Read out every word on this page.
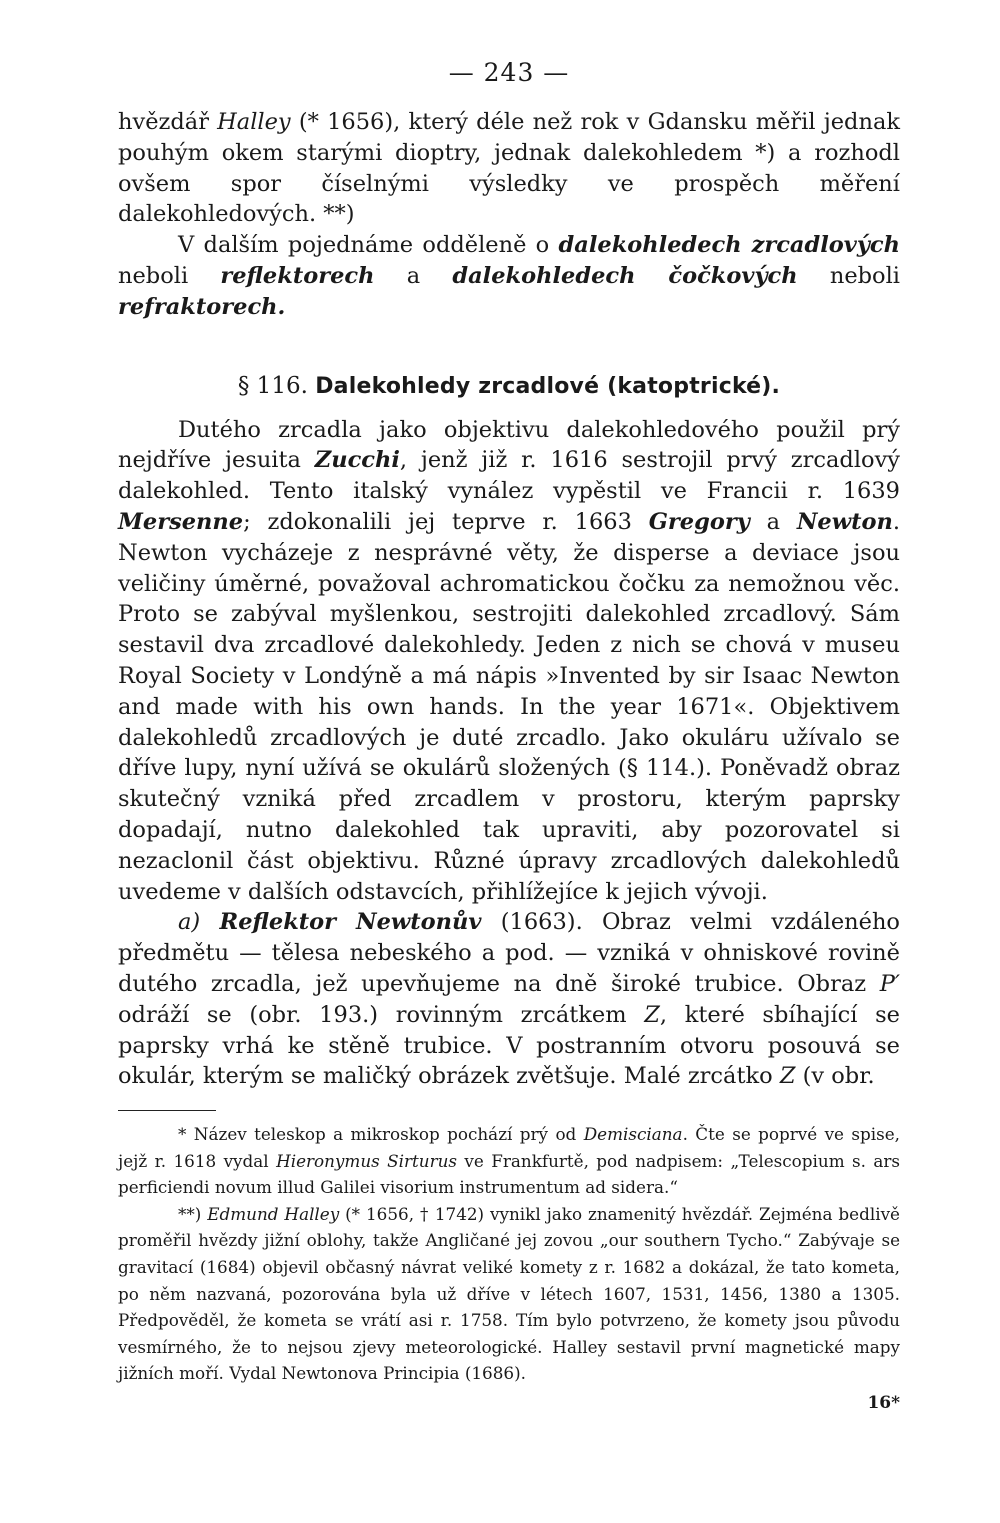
— 243 —

hvězdář Halley (* 1656), který déle než rok v Gdansku měřil jednak pouhým okem starými dioptry, jednak dalekohledem *) a rozhodl ovšem spor číselnými výsledky ve prospěch měření dalekohledových. **)

V dalším pojednáme odděleně o dalekohledech zrcadlových neboli reflektorech a dalekohledech čočkových neboli refraktorech.

§ 116. Dalekohledy zrcadlové (katoptrické).

Dutého zrcadla jako objektivu dalekohledového použil prý nejdříve jesuita Zucchi, jenž již r. 1616 sestrojil prvý zrcadlový dalekohled. Tento italský vynález vypěstil ve Francii r. 1639 Mersenne; zdokonalili jej teprve r. 1663 Gregory a Newton. Newton vycházeje z nesprávné věty, že disperse a deviace jsou veličiny úměrné, považoval achromatickou čočku za nemožnou věc. Proto se zabýval myšlenkou, sestrojiti dalekohled zrcadlový. Sám sestavil dva zrcadlové dalekohledy. Jeden z nich se chová v museu Royal Society v Londýně a má nápis »Invented by sir Isaac Newton and made with his own hands. In the year 1671«. Objektivem dalekohledů zrcadlových je duté zrcadlo. Jako okuláru užívalo se dříve lupy, nyní užívá se okulárů složených (§ 114.). Poněvadž obraz skutečný vzniká před zrcadlem v prostoru, kterým paprsky dopadají, nutno dalekohled tak upraviti, aby pozorovatel si nezaclonil část objektivu. Různé úpravy zrcadlových dalekohledů uvedeme v dalších odstavcích, přihlížejíce k jejich vývoji.

a) Reflektor Newtonův (1663). Obraz velmi vzdáleného předmětu — tělesa nebeského a pod. — vzniká v ohniskové rovině dutého zrcadla, jež upevňujeme na dně široké trubice. Obraz P′ odráží se (obr. 193.) rovinným zrcátkem Z, které sbíhající se paprsky vrhá ke stěně trubice. V postranním otvoru posouvá se okulár, kterým se maličký obrázek zvětšuje. Malé zrcátko Z (v obr.

* Název teleskop a mikroskop pochází prý od Demisciana. Čte se poprvé ve spise, jejž r. 1618 vydal Hieronymus Sirturus ve Frankfurtě, pod nadpisem: „Telescopium s. ars perficiendi novum illud Galilei visorium instrumentum ad sidera.“

**) Edmund Halley (* 1656, † 1742) vynikl jako znamenitý hvězdář. Zejména bedlivě proměřil hvězdy jižní oblohy, takže Angličané jej zovou „our southern Tycho.“ Zabývaje se gravitací (1684) objevil občasný návrat veliké komety z r. 1682 a dokázal, že tato kometa, po něm nazvaná, pozorována byla už dříve v létech 1607, 1531, 1456, 1380 a 1305. Předpověděl, že kometa se vrátí asi r. 1758. Tím bylo potvrzeno, že komety jsou původu vesmírného, že to nejsou zjevy meteorologické. Halley sestavil první magnetické mapy jižních moří. Vydal Newtonova Principia (1686).

16*
